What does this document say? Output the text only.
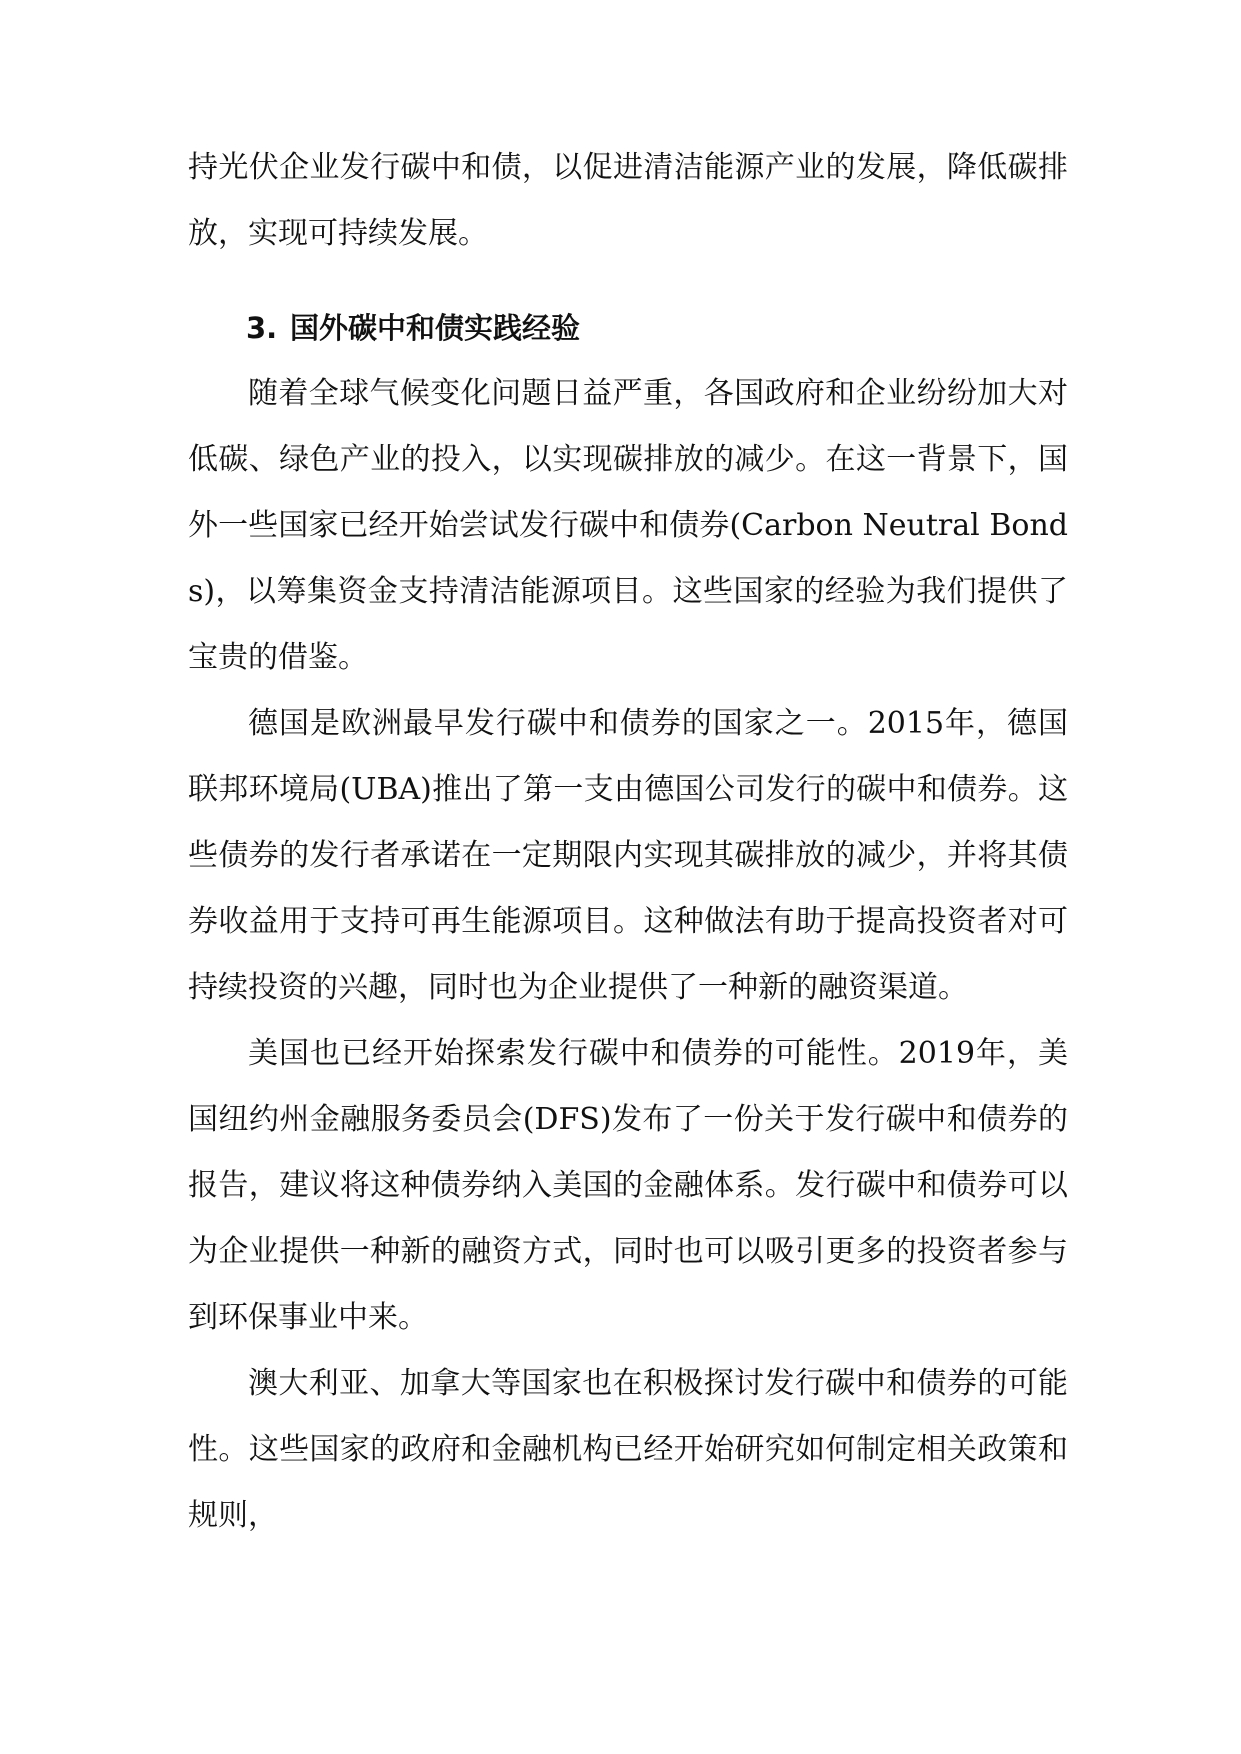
持光伏企业发行碳中和债，以促进清洁能源产业的发展，降低碳排放，实现可持续发展。

3. 国外碳中和债实践经验

随着全球气候变化问题日益严重，各国政府和企业纷纷加大对低碳、绿色产业的投入，以实现碳排放的减少。在这一背景下，国外一些国家已经开始尝试发行碳中和债券(Carbon Neutral Bonds)，以筹集资金支持清洁能源项目。这些国家的经验为我们提供了宝贵的借鉴。

德国是欧洲最早发行碳中和债券的国家之一。2015年，德国联邦环境局(UBA)推出了第一支由德国公司发行的碳中和债券。这些债券的发行者承诺在一定期限内实现其碳排放的减少，并将其债券收益用于支持可再生能源项目。这种做法有助于提高投资者对可持续投资的兴趣，同时也为企业提供了一种新的融资渠道。

美国也已经开始探索发行碳中和债券的可能性。2019年，美国纽约州金融服务委员会(DFS)发布了一份关于发行碳中和债券的报告，建议将这种债券纳入美国的金融体系。发行碳中和债券可以为企业提供一种新的融资方式，同时也可以吸引更多的投资者参与到环保事业中来。

澳大利亚、加拿大等国家也在积极探讨发行碳中和债券的可能性。这些国家的政府和金融机构已经开始研究如何制定相关政策和规则，
